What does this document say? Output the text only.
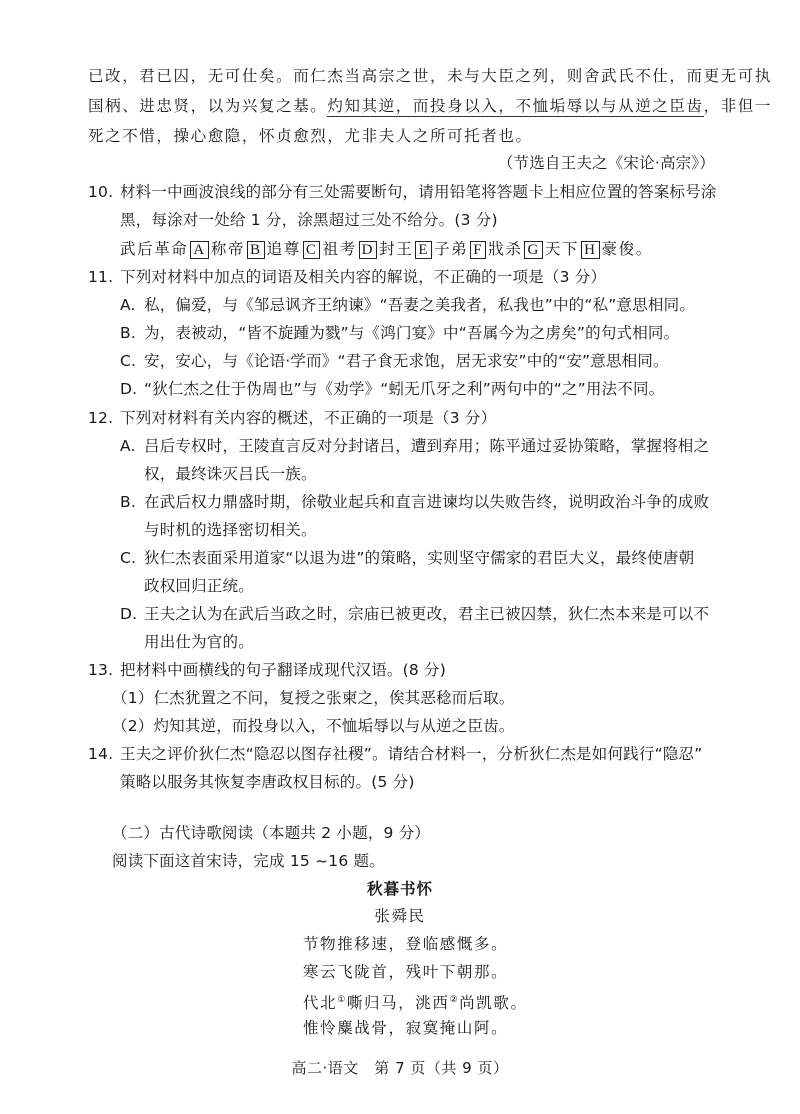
已改，君已囚，无可仕矣。而仁杰当高宗之世，未与大臣之列，则舍武氏不仕，而更无可执
国柄、进忠贤，以为兴复之基。灼知其逆，而投身以入，不恤垢辱以与从逆之臣齿，非但一
死之不惜，操心愈隐，怀贞愈烈，尤非夫人之所可托者也。
（节选自王夫之《宋论·高宗》）
10. 材料一中画波浪线的部分有三处需要断句，请用铅笔将答题卡上相应位置的答案标号涂
黑，每涂对一处给 1 分，涂黑超过三处不给分。(3 分)
武后革命 A 称帝 B 追尊 C 祖考 D 封王 E 子弟 F 戕杀 G 天下 H 豪俊。
11. 下列对材料中加点的词语及相关内容的解说，不正确的一项是（3 分）
A. 私，偏爱，与《邹忌讽齐王纳谏》“吾妻之美我者，私我也”中的“私”意思相同。
B. 为，表被动，“皆不旋踵为戮”与《鸿门宴》中“吾属今为之虏矣”的句式相同。
C. 安，安心，与《论语·学而》“君子食无求饱，居无求安”中的“安”意思相同。
D. “狄仁杰之仕于伪周也”与《劝学》“蚓无爪牙之利”两句中的“之”用法不同。
12. 下列对材料有关内容的概述，不正确的一项是（3 分）
A. 吕后专权时，王陵直言反对分封诸吕，遭到弃用；陈平通过妥协策略，掌握将相之
权，最终诛灭吕氏一族。
B. 在武后权力鼎盛时期，徐敬业起兵和直言进谏均以失败告终，说明政治斗争的成败
与时机的选择密切相关。
C. 狄仁杰表面采用道家“以退为进”的策略，实则坚守儒家的君臣大义，最终使唐朝
政权回归正统。
D. 王夫之认为在武后当政之时，宗庙已被更改，君主已被囚禁，狄仁杰本来是可以不
用出仕为官的。
13. 把材料中画横线的句子翻译成现代汉语。(8 分)
（1）仁杰犹置之不问，复授之张柬之，俟其恶稔而后取。
（2）灼知其逆，而投身以入，不恤垢辱以与从逆之臣齿。
14. 王夫之评价狄仁杰“隐忍以图存社稷”。请结合材料一，分析狄仁杰是如何践行“隐忍”
策略以服务其恢复李唐政权目标的。(5 分)
（二）古代诗歌阅读（本题共 2 小题，9 分）
阅读下面这首宋诗，完成 15 ~16 题。
秋暮书怀
张舜民
节物推移速，登临感慨多。
寒云飞陇首，残叶下朝那。
代北①嘶归马，洮西②尚凯歌。
惟怜麋战骨，寂寞掩山阿。
高二·语文　第 7 页（共 9 页）
